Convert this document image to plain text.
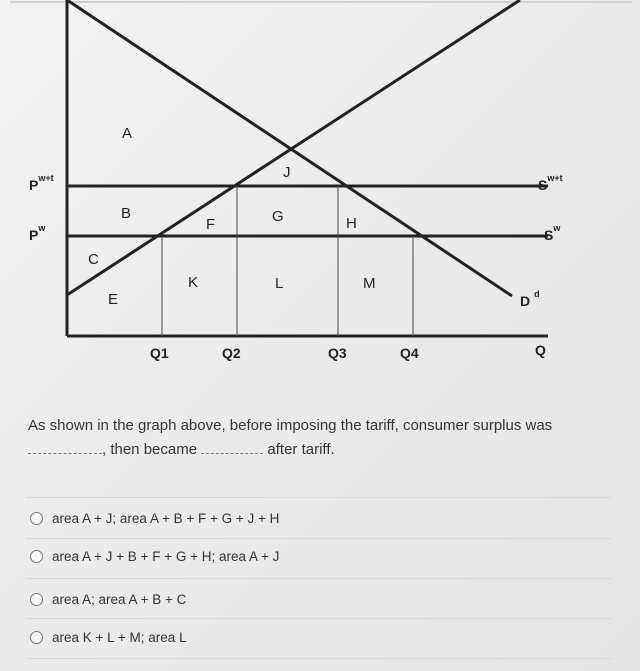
$P^{w+t}$
$P^w$
A
B
C
E
F	G	H
J
K	L	M
Q1	Q2	Q3	Q4	Q
$S^{w+t}$
$S^w$
D $^d$
As shown in the graph above, before imposing the tariff, consumer surplus was
, then became	after tariff.
area A + J; area A + B + F + G + J + H
area A + J + B + F + G + H; area A + J
area A; area A + B + C
area K + L + M; area L
